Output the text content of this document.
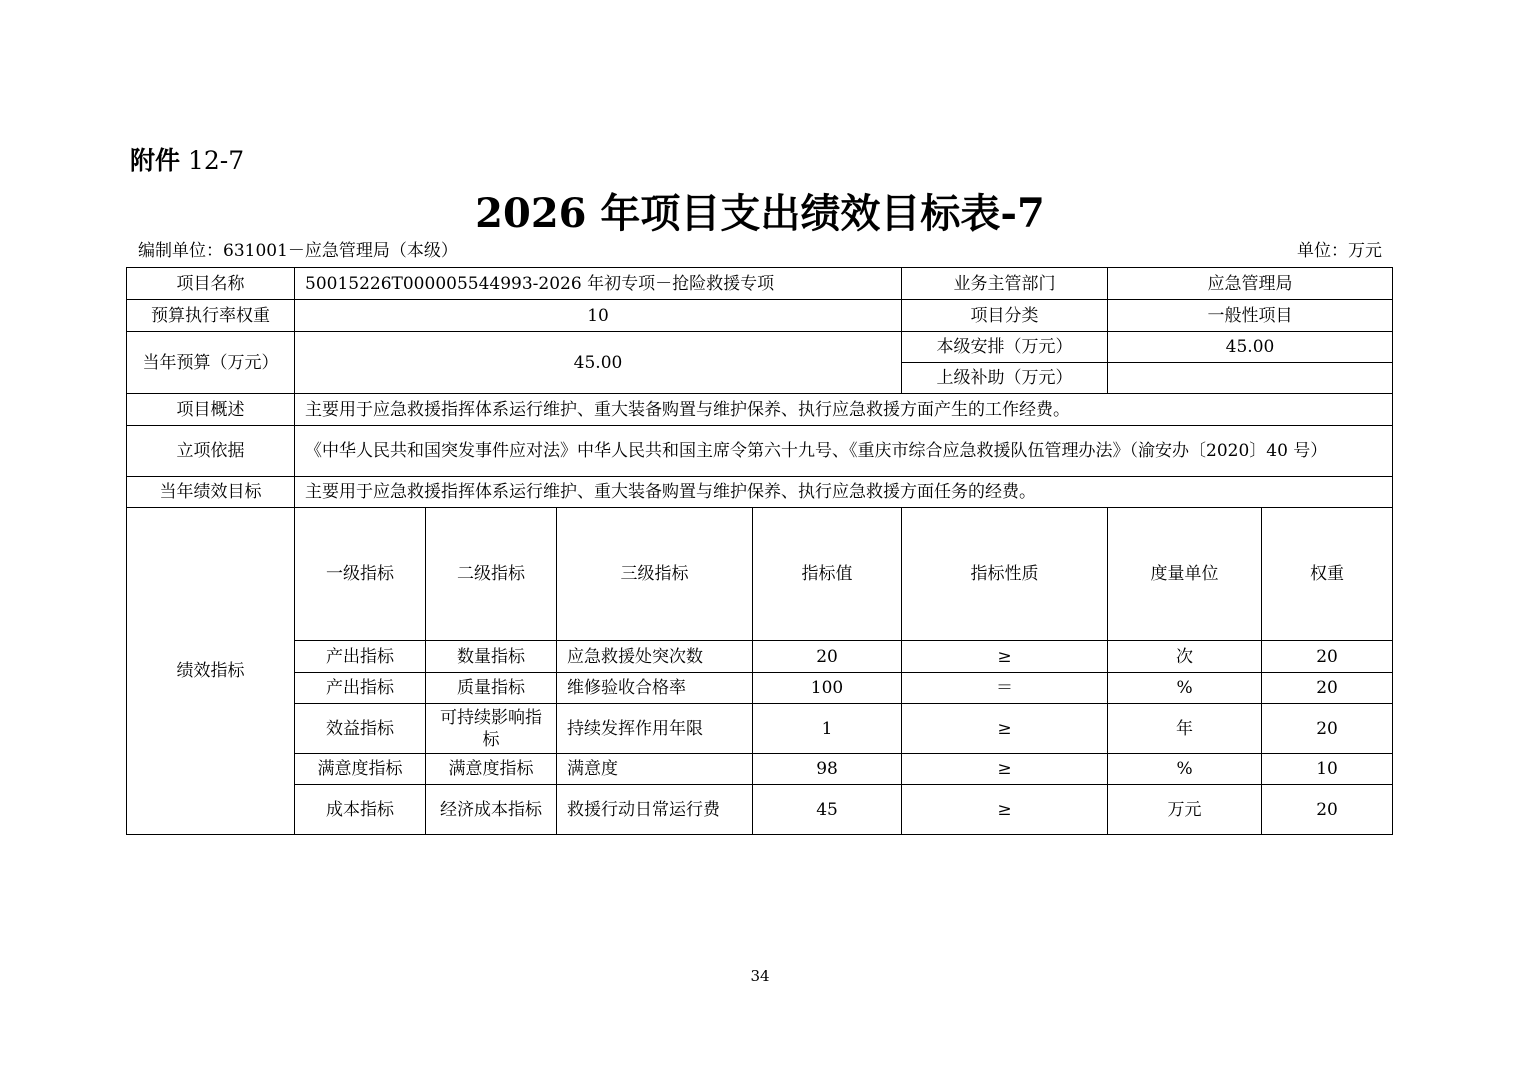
附件 12-7
2026 年项目支出绩效目标表-7
编制单位：631001－应急管理局（本级）	单位：万元
项目名称	50015226T000005544993-2026 年初专项－抢险救援专项				业务主管部门	应急管理局		
预算执行率权重	10				项目分类	一般性项目		
当年预算（万元）	45.00				本级安排（万元）	45.00		
					上级补助（万元）			
项目概述	主要用于应急救援指挥体系运行维护、重大装备购置与维护保养、执行应急救援方面产生的工作经费。							
立项依据	《中华人民共和国突发事件应对法》中华人民共和国主席令第六十九号、《重庆市综合应急救援队伍管理办法》（渝安办〔2020〕40 号）							
当年绩效目标	主要用于应急救援指挥体系运行维护、重大装备购置与维护保养、执行应急救援方面任务的经费。							
绩效指标	一级指标	二级指标	三级指标	指标值	指标性质	度量单位	权重	
	产出指标	数量指标	应急救援处突次数	20	≥	次	20	
	产出指标	质量指标	维修验收合格率	100	＝	%	20	
	效益指标	可持续影响指标	持续发挥作用年限	1	≥	年	20	
	满意度指标	满意度指标	满意度	98	≥	%	10	
	成本指标	经济成本指标	救援行动日常运行费	45	≥	万元	20	
34
